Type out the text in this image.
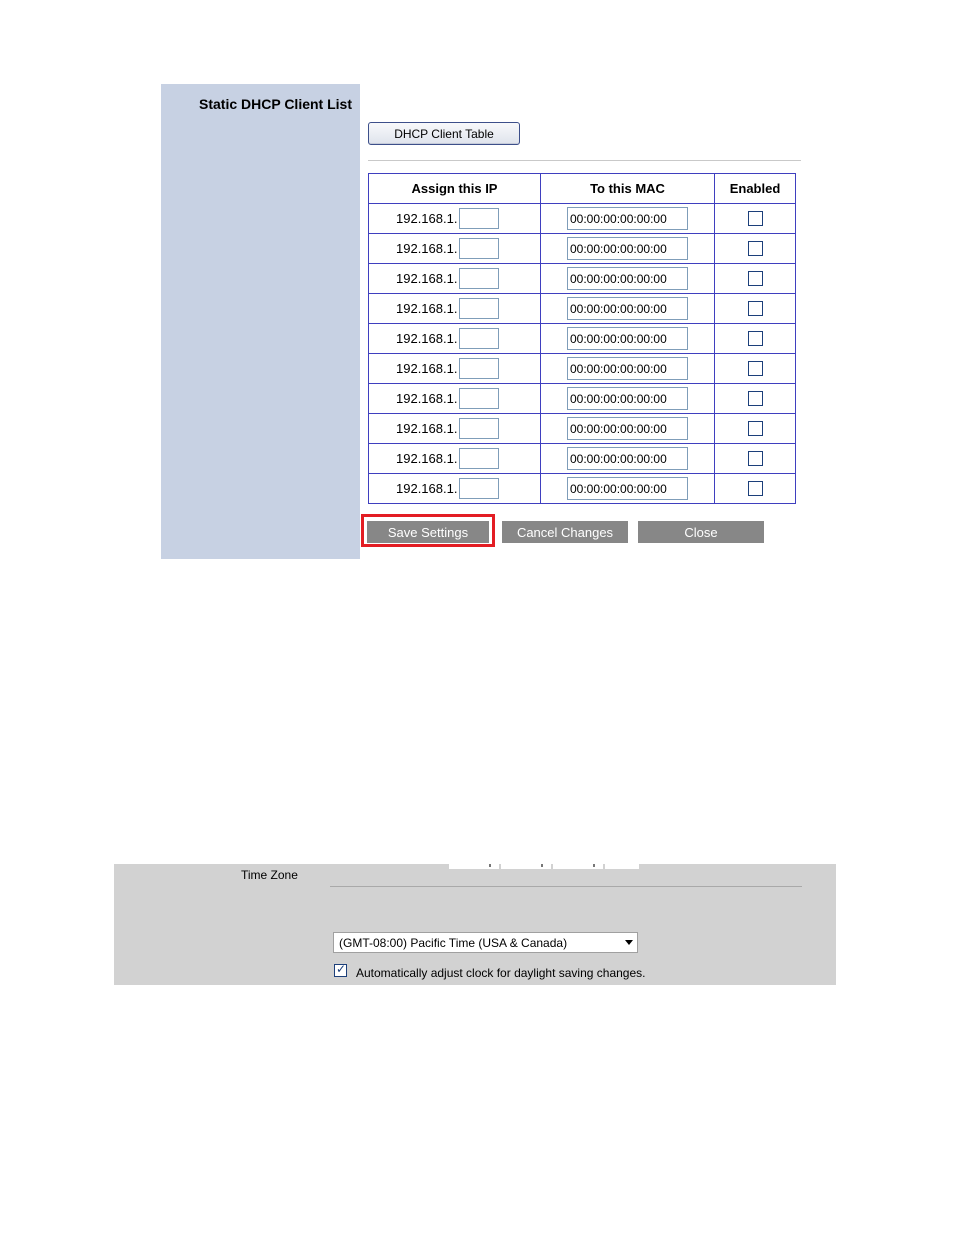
Static DHCP Client List
DHCP Client Table
Assign this IP	To this MAC	Enabled
192.168.1.	00:00:00:00:00:00	
192.168.1.	00:00:00:00:00:00	
192.168.1.	00:00:00:00:00:00	
192.168.1.	00:00:00:00:00:00	
192.168.1.	00:00:00:00:00:00	
192.168.1.	00:00:00:00:00:00	
192.168.1.	00:00:00:00:00:00	
192.168.1.	00:00:00:00:00:00	
192.168.1.	00:00:00:00:00:00	
192.168.1.	00:00:00:00:00:00	
Save Settings	Cancel Changes	Close
Time Zone
(GMT-08:00) Pacific Time (USA & Canada)
✓ Automatically adjust clock for daylight saving changes.
